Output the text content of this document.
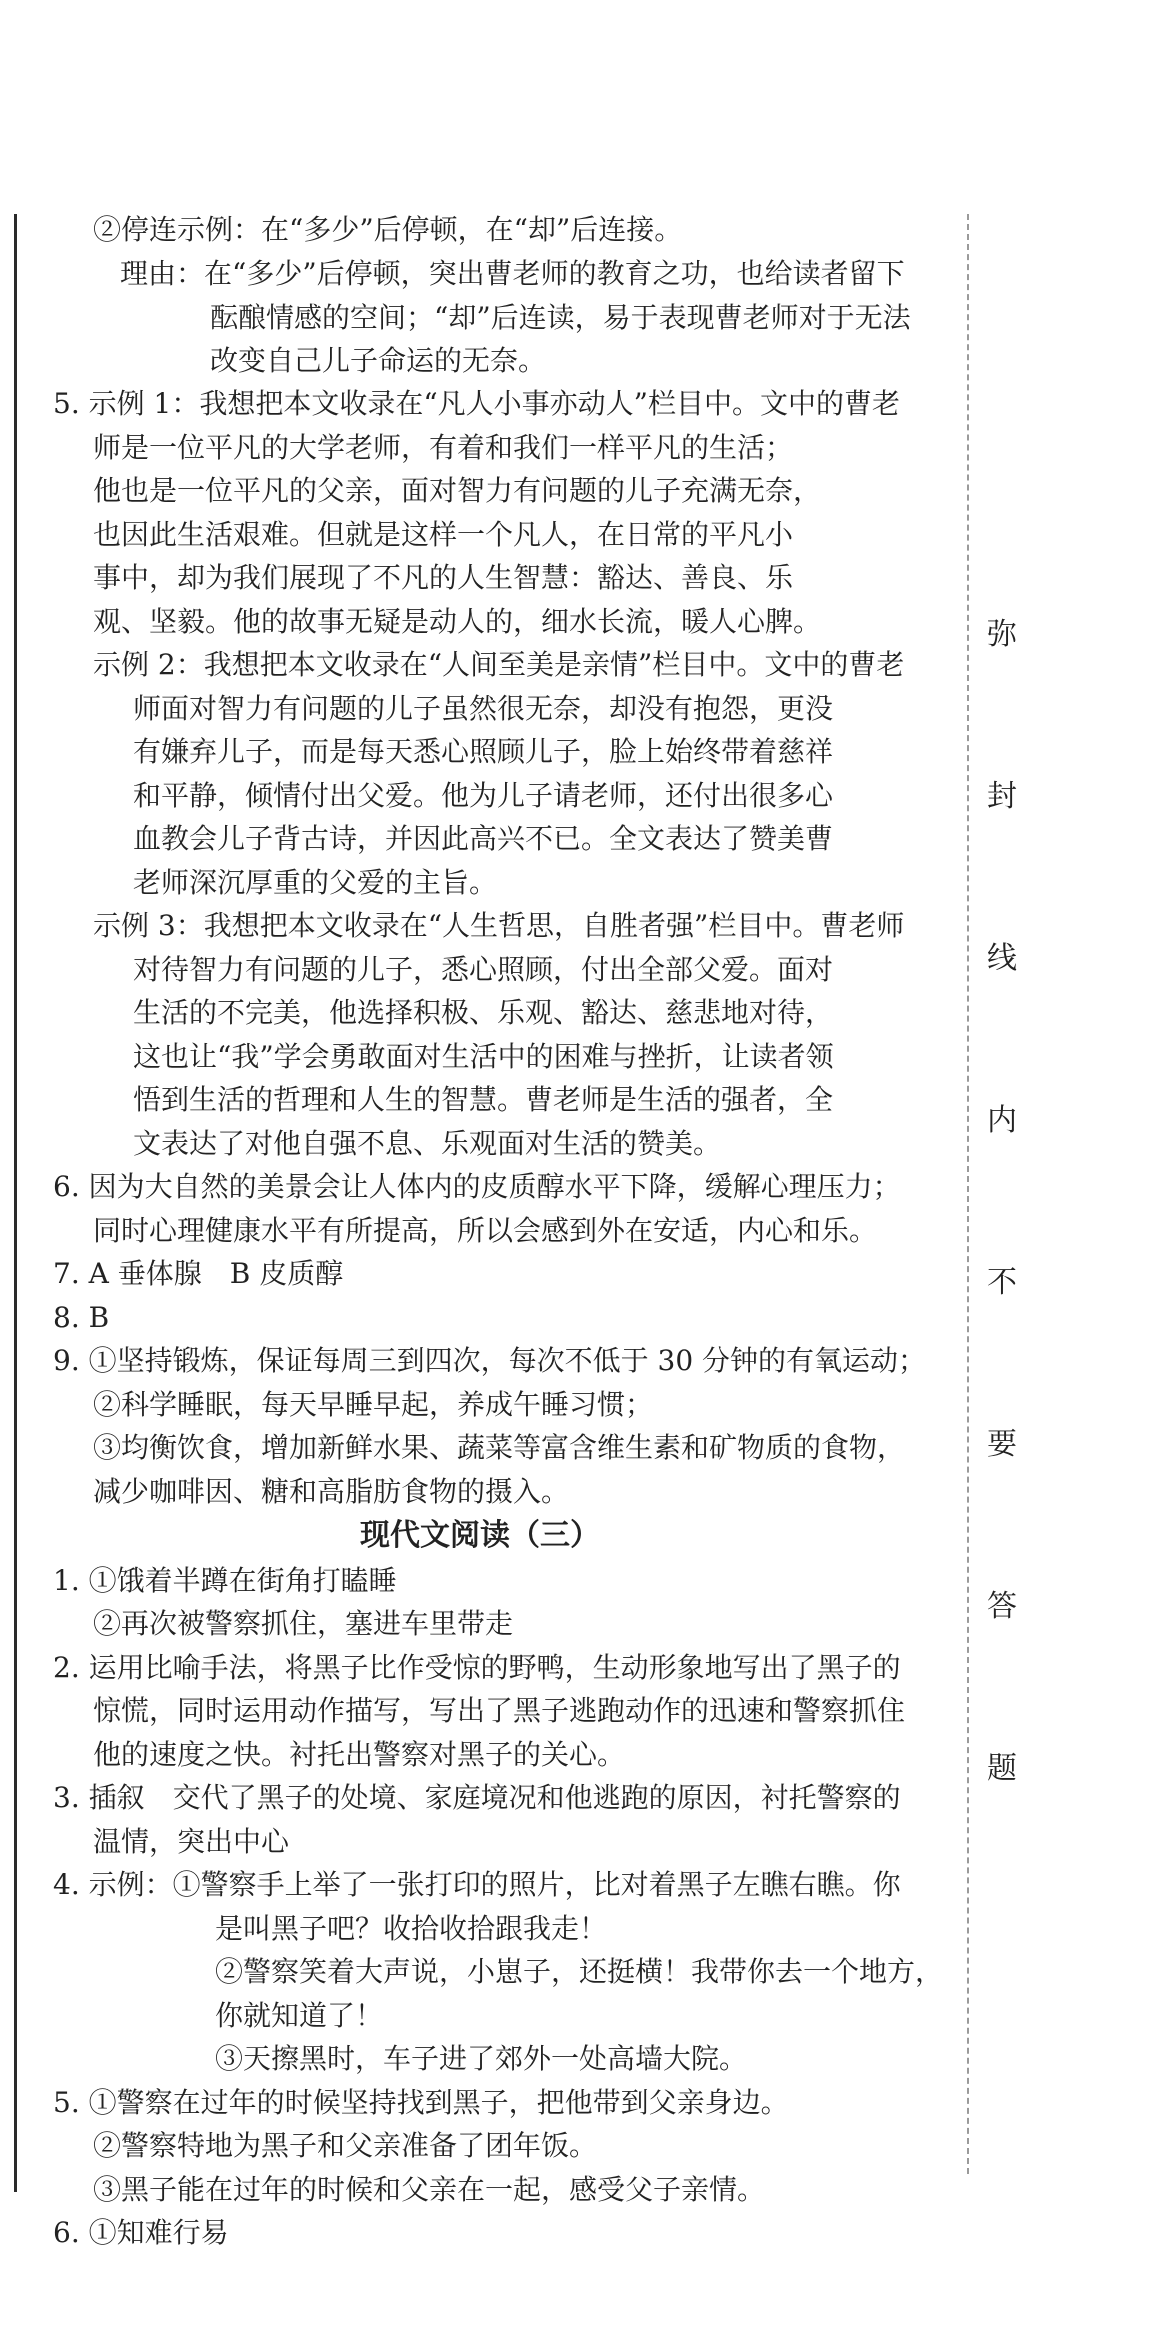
②停连示例：在“多少”后停顿，在“却”后连接。
理由：在“多少”后停顿，突出曹老师的教育之功，也给读者留下
酝酿情感的空间；“却”后连读，易于表现曹老师对于无法
改变自己儿子命运的无奈。
5. 示例 1：我想把本文收录在“凡人小事亦动人”栏目中。文中的曹老
师是一位平凡的大学老师，有着和我们一样平凡的生活；
他也是一位平凡的父亲，面对智力有问题的儿子充满无奈，
也因此生活艰难。但就是这样一个凡人，在日常的平凡小
事中，却为我们展现了不凡的人生智慧：豁达、善良、乐
观、坚毅。他的故事无疑是动人的，细水长流，暖人心脾。
示例 2：我想把本文收录在“人间至美是亲情”栏目中。文中的曹老
师面对智力有问题的儿子虽然很无奈，却没有抱怨，更没
有嫌弃儿子，而是每天悉心照顾儿子，脸上始终带着慈祥
和平静，倾情付出父爱。他为儿子请老师，还付出很多心
血教会儿子背古诗，并因此高兴不已。全文表达了赞美曹
老师深沉厚重的父爱的主旨。
示例 3：我想把本文收录在“人生哲思，自胜者强”栏目中。曹老师
对待智力有问题的儿子，悉心照顾，付出全部父爱。面对
生活的不完美，他选择积极、乐观、豁达、慈悲地对待，
这也让“我”学会勇敢面对生活中的困难与挫折，让读者领
悟到生活的哲理和人生的智慧。曹老师是生活的强者，全
文表达了对他自强不息、乐观面对生活的赞美。
6. 因为大自然的美景会让人体内的皮质醇水平下降，缓解心理压力；
同时心理健康水平有所提高，所以会感到外在安适，内心和乐。
7. A 垂体腺　B 皮质醇
8. B
9. ①坚持锻炼，保证每周三到四次，每次不低于 30 分钟的有氧运动；
②科学睡眠，每天早睡早起，养成午睡习惯；
③均衡饮食，增加新鲜水果、蔬菜等富含维生素和矿物质的食物，
减少咖啡因、糖和高脂肪食物的摄入。
现代文阅读（三）
1. ①饿着半蹲在街角打瞌睡
②再次被警察抓住，塞进车里带走
2. 运用比喻手法，将黑子比作受惊的野鸭，生动形象地写出了黑子的
惊慌，同时运用动作描写，写出了黑子逃跑动作的迅速和警察抓住
他的速度之快。衬托出警察对黑子的关心。
3. 插叙　交代了黑子的处境、家庭境况和他逃跑的原因，衬托警察的
温情，突出中心
4. 示例：①警察手上举了一张打印的照片，比对着黑子左瞧右瞧。你
是叫黑子吧？收拾收拾跟我走！
②警察笑着大声说，小崽子，还挺横！我带你去一个地方，
你就知道了！
③天擦黑时，车子进了郊外一处高墙大院。
5. ①警察在过年的时候坚持找到黑子，把他带到父亲身边。
②警察特地为黑子和父亲准备了团年饭。
③黑子能在过年的时候和父亲在一起，感受父子亲情。
6. ①知难行易
弥
封
线
内
不
要
答
题
